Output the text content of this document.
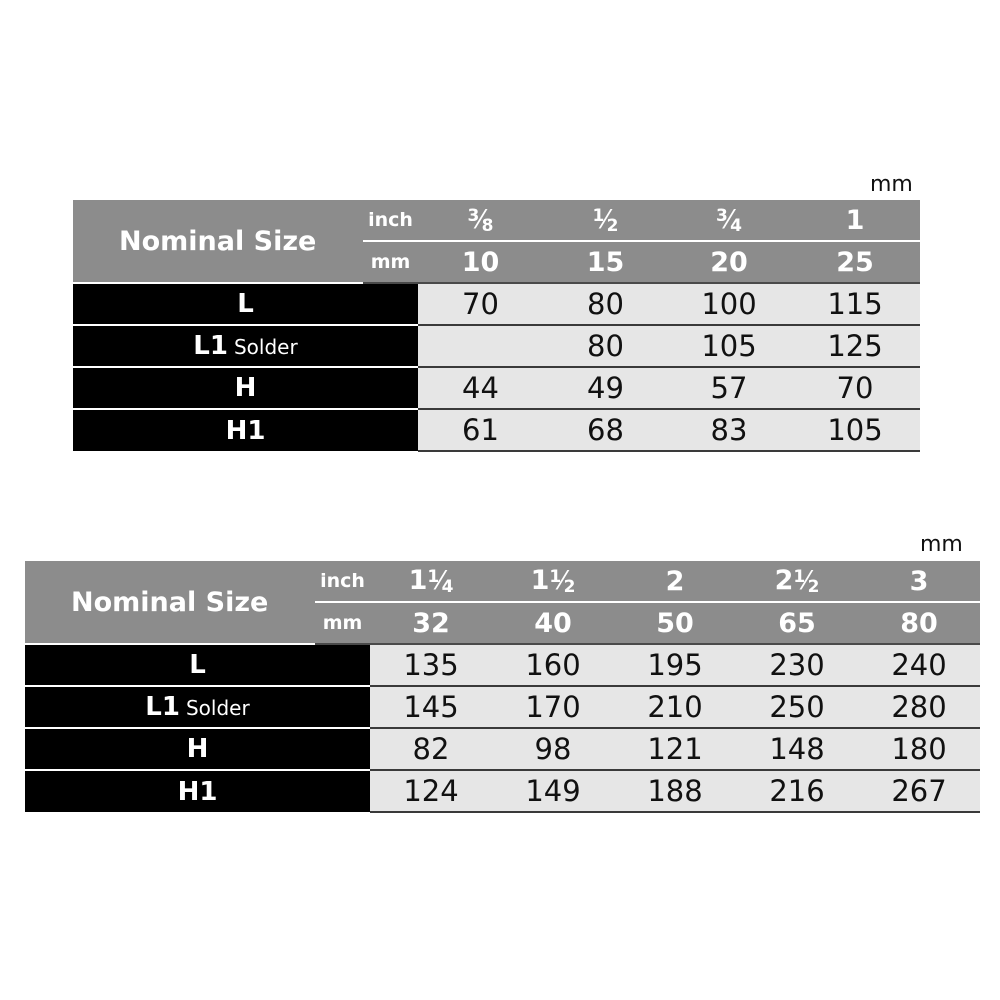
mm
Nominal Size	inch	$^3⁄_8$	$^1⁄_2$	$^3⁄_4$	1
	mm	10	15	20	25
L		70	80	100	115
L1 Solder			80	105	125
H		44	49	57	70
H1		61	68	83	105
mm
Nominal Size	inch	$1^1⁄_4$	$1^1⁄_2$	2	$2^1⁄_2$	3
	mm	32	40	50	65	80
L		135	160	195	230	240
L1 Solder		145	170	210	250	280
H		82	98	121	148	180
H1		124	149	188	216	267
